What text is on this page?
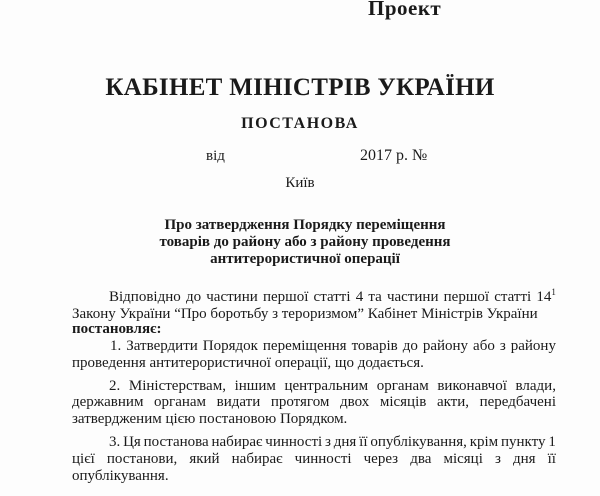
Проект
КАБІНЕТ МІНІСТРІВ УКРАЇНИ
ПОСТАНОВА
від	2017 р. №
Київ
Про затвердження Порядку переміщення
товарів до району або з району проведення
антитерористичної операції
Відповідно до частини першої статті 4 та частини першої статті $14^1$
Закону України “Про боротьбу з тероризмом” Кабінет Міністрів України
постановляє:
1. Затвердити Порядок переміщення товарів до району або з району
проведення антитерористичної операції, що додається.
2. Міністерствам, іншим центральним органам виконавчої влади,
державним органам видати протягом двох місяців акти, передбачені
затвердженим цією постановою Порядком.
3. Ця постанова набирає чинності з дня її опублікування, крім пункту 1
цієї постанови, який набирає чинності через два місяці з дня її
опублікування.
